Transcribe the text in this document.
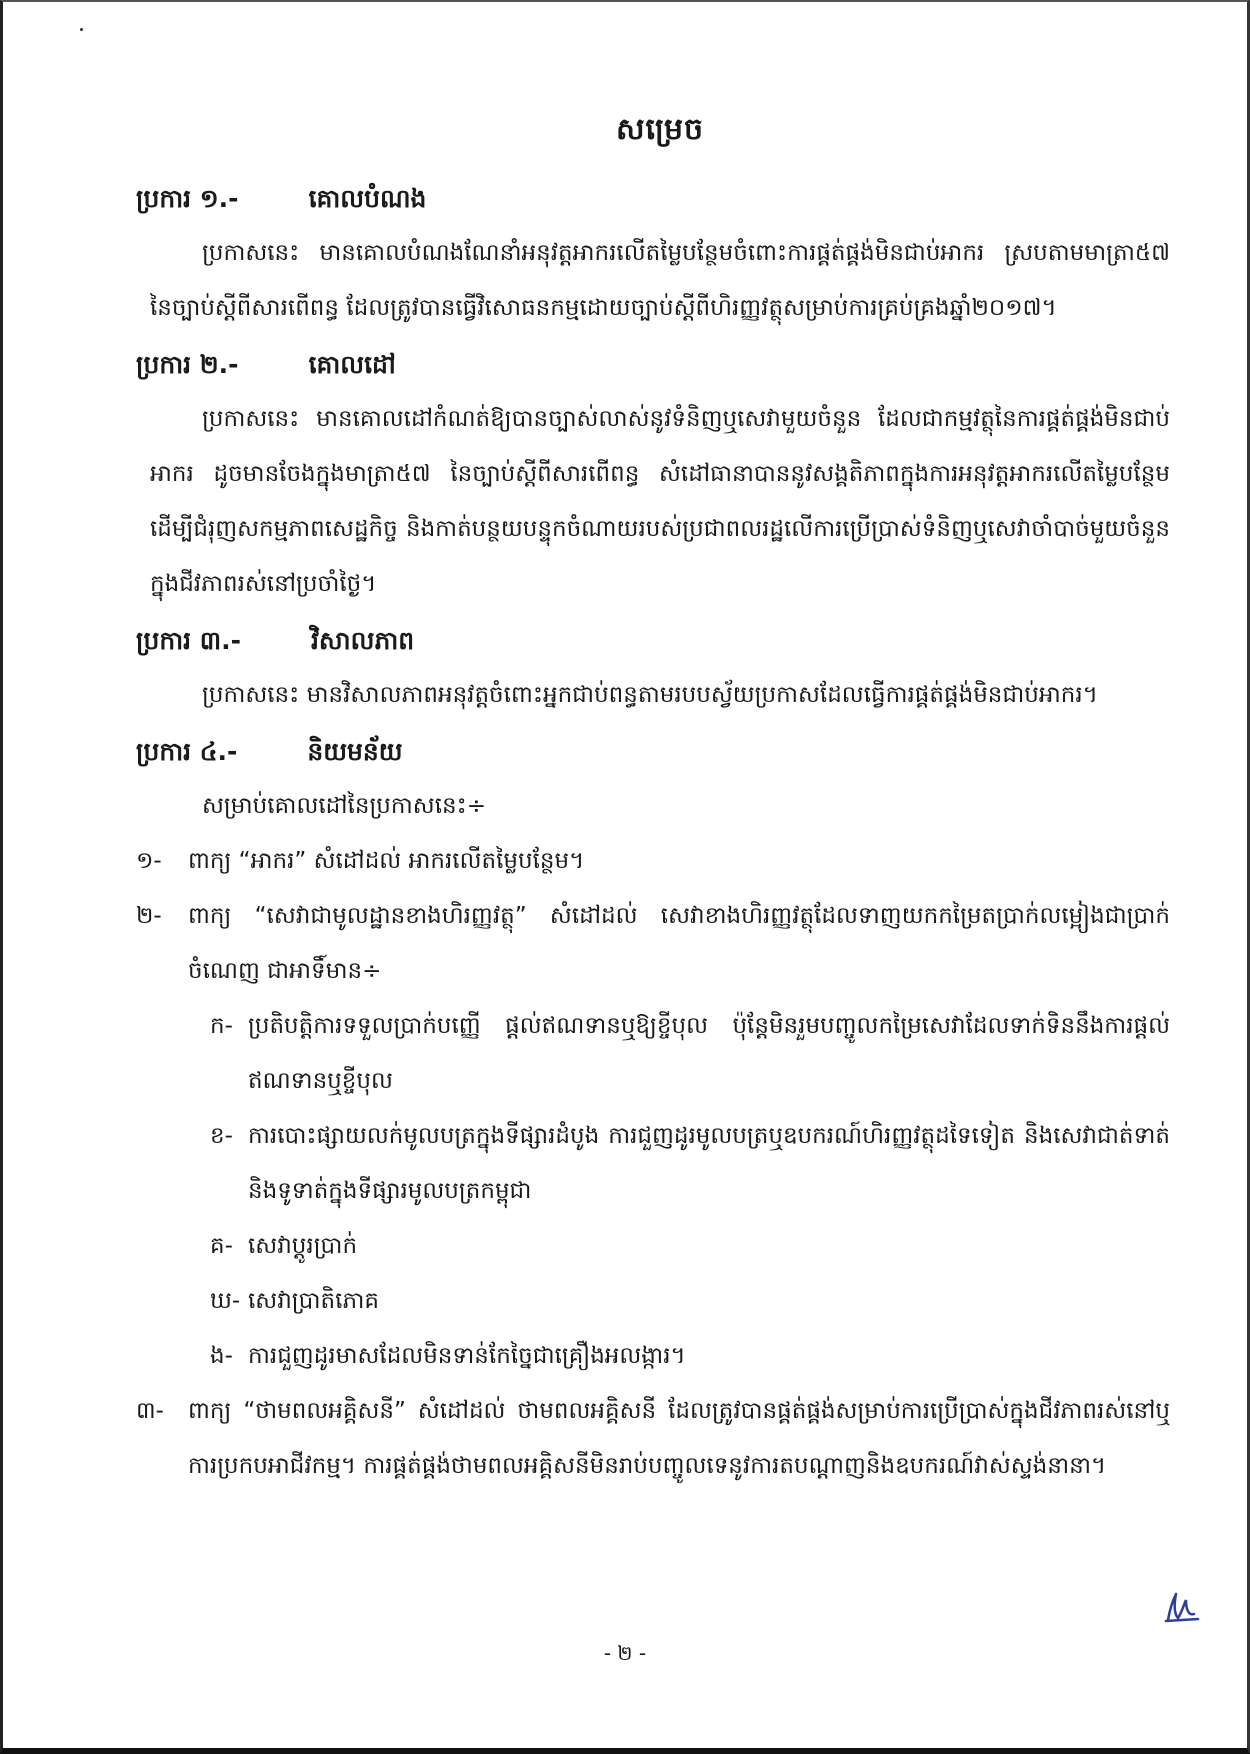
សម្រេច
ប្រការ ១.-	គោលបំណង

ប្រកាសនេះ មានគោលបំណងណែនាំអនុវត្តអាករលើតម្លៃបន្ថែមចំពោះការផ្គត់ផ្គង់មិនជាប់អាករ ស្របតាមមាត្រា៥៧ នៃច្បាប់ស្តីពីសារពើពន្ធ ដែលត្រូវបានធ្វើវិសោធនកម្មដោយច្បាប់ស្តីពីហិរញ្ញវត្ថុសម្រាប់ការគ្រប់គ្រងឆ្នាំ២០១៧។

ប្រការ ២.-	គោលដៅ

ប្រកាសនេះ មានគោលដៅកំណត់ឱ្យបានច្បាស់លាស់នូវទំនិញឬសេវាមួយចំនួន ដែលជាកម្មវត្ថុនៃការផ្គត់ផ្គង់មិនជាប់អាករ ដូចមានចែងក្នុងមាត្រា៥៧ នៃច្បាប់ស្តីពីសារពើពន្ធ សំដៅធានាបាននូវសង្គតិភាពក្នុងការអនុវត្តអាករលើតម្លៃបន្ថែម ដើម្បីជំរុញសកម្មភាពសេដ្ឋកិច្ច និងកាត់បន្ថយបន្ទុកចំណាយរបស់ប្រជាពលរដ្ឋលើការប្រើប្រាស់ទំនិញឬសេវាចាំបាច់មួយចំនួន ក្នុងជីវភាពរស់នៅប្រចាំថ្ងៃ។

ប្រការ ៣.-	វិសាលភាព

ប្រកាសនេះ មានវិសាលភាពអនុវត្តចំពោះអ្នកជាប់ពន្ធតាមរបបស្វ័យប្រកាសដែលធ្វើការផ្គត់ផ្គង់មិនជាប់អាករ។

ប្រការ ៤.-	និយមន័យ

សម្រាប់គោលដៅនៃប្រកាសនេះ÷

១-	ពាក្យ “អាករ” សំដៅដល់ អាករលើតម្លៃបន្ថែម។
២-	ពាក្យ “សេវាជាមូលដ្ឋានខាងហិរញ្ញវត្ថុ” សំដៅដល់ សេវាខាងហិរញ្ញវត្ថុដែលទាញយកកម្រៃតប្រាក់លម្អៀងជាប្រាក់ចំណេញ ជាអាទិ៍មាន÷
ក- ប្រតិបត្តិការទទួលប្រាក់បញ្ញើ ផ្តល់ឥណទានឬឱ្យខ្ចីបុល ប៉ុន្តែមិនរួមបញ្ចូលកម្រៃសេវាដែលទាក់ទិននឹងការផ្តល់ឥណទានឬខ្ចីបុល
ខ- ការបោះផ្សាយលក់មូលបត្រក្នុងទីផ្សារដំបូង ការជួញដូរមូលបត្រឬឧបករណ៍ហិរញ្ញវត្ថុដទៃទៀត និងសេវាជាត់ទាត់និងទូទាត់ក្នុងទីផ្សារមូលបត្រកម្ពុជា
គ- សេវាប្តូរប្រាក់
ឃ- សេវាប្រាតិភោគ
ង- ការជួញដូរមាសដែលមិនទាន់កែច្នៃជាគ្រឿងអលង្ការ។
៣-	ពាក្យ “ថាមពលអគ្គិសនី” សំដៅដល់ ថាមពលអគ្គិសនី ដែលត្រូវបានផ្គត់ផ្គង់សម្រាប់ការប្រើប្រាស់ក្នុងជីវភាពរស់នៅឬការប្រកបអាជីវកម្ម។ ការផ្គត់ផ្គង់ថាមពលអគ្គិសនីមិនរាប់បញ្ចូលទេនូវការតបណ្តាញនិងឧបករណ៍វាស់ស្ទង់នានា។
- ២ -
